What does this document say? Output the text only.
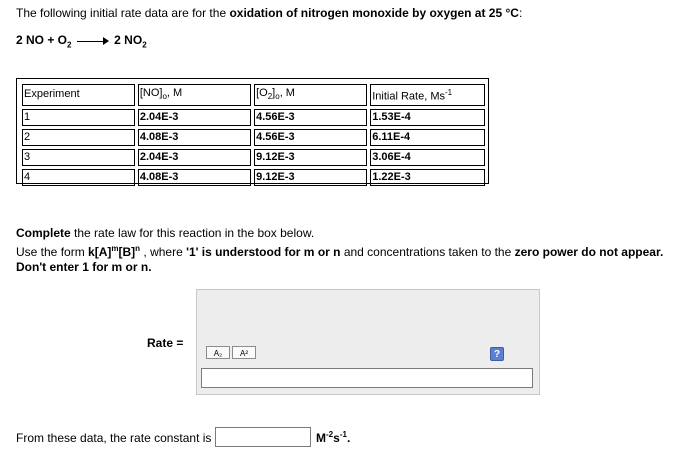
The following initial rate data are for the oxidation of nitrogen monoxide by oxygen at 25 °C:
2 NO + $O_2$	2 $NO_2$
Experiment	$[NO]_o$, M	$[O_2]_o$, M	Initial Rate, $Ms^{-1}$
1	2.04E-3	4.56E-3	1.53E-4
2	4.08E-3	4.56E-3	6.11E-4
3	2.04E-3	9.12E-3	3.06E-4
4	4.08E-3	9.12E-3	1.22E-3
Complete the rate law for this reaction in the box below.
Use the form $k[A]^m[B]^n$ , where '1' is understood for m or n and concentrations taken to the zero power do not appear.
Don't enter 1 for m or n.
Rate =
A₂	A²	?
From these data, the rate constant is	$M^{-2}s^{-1}$.
